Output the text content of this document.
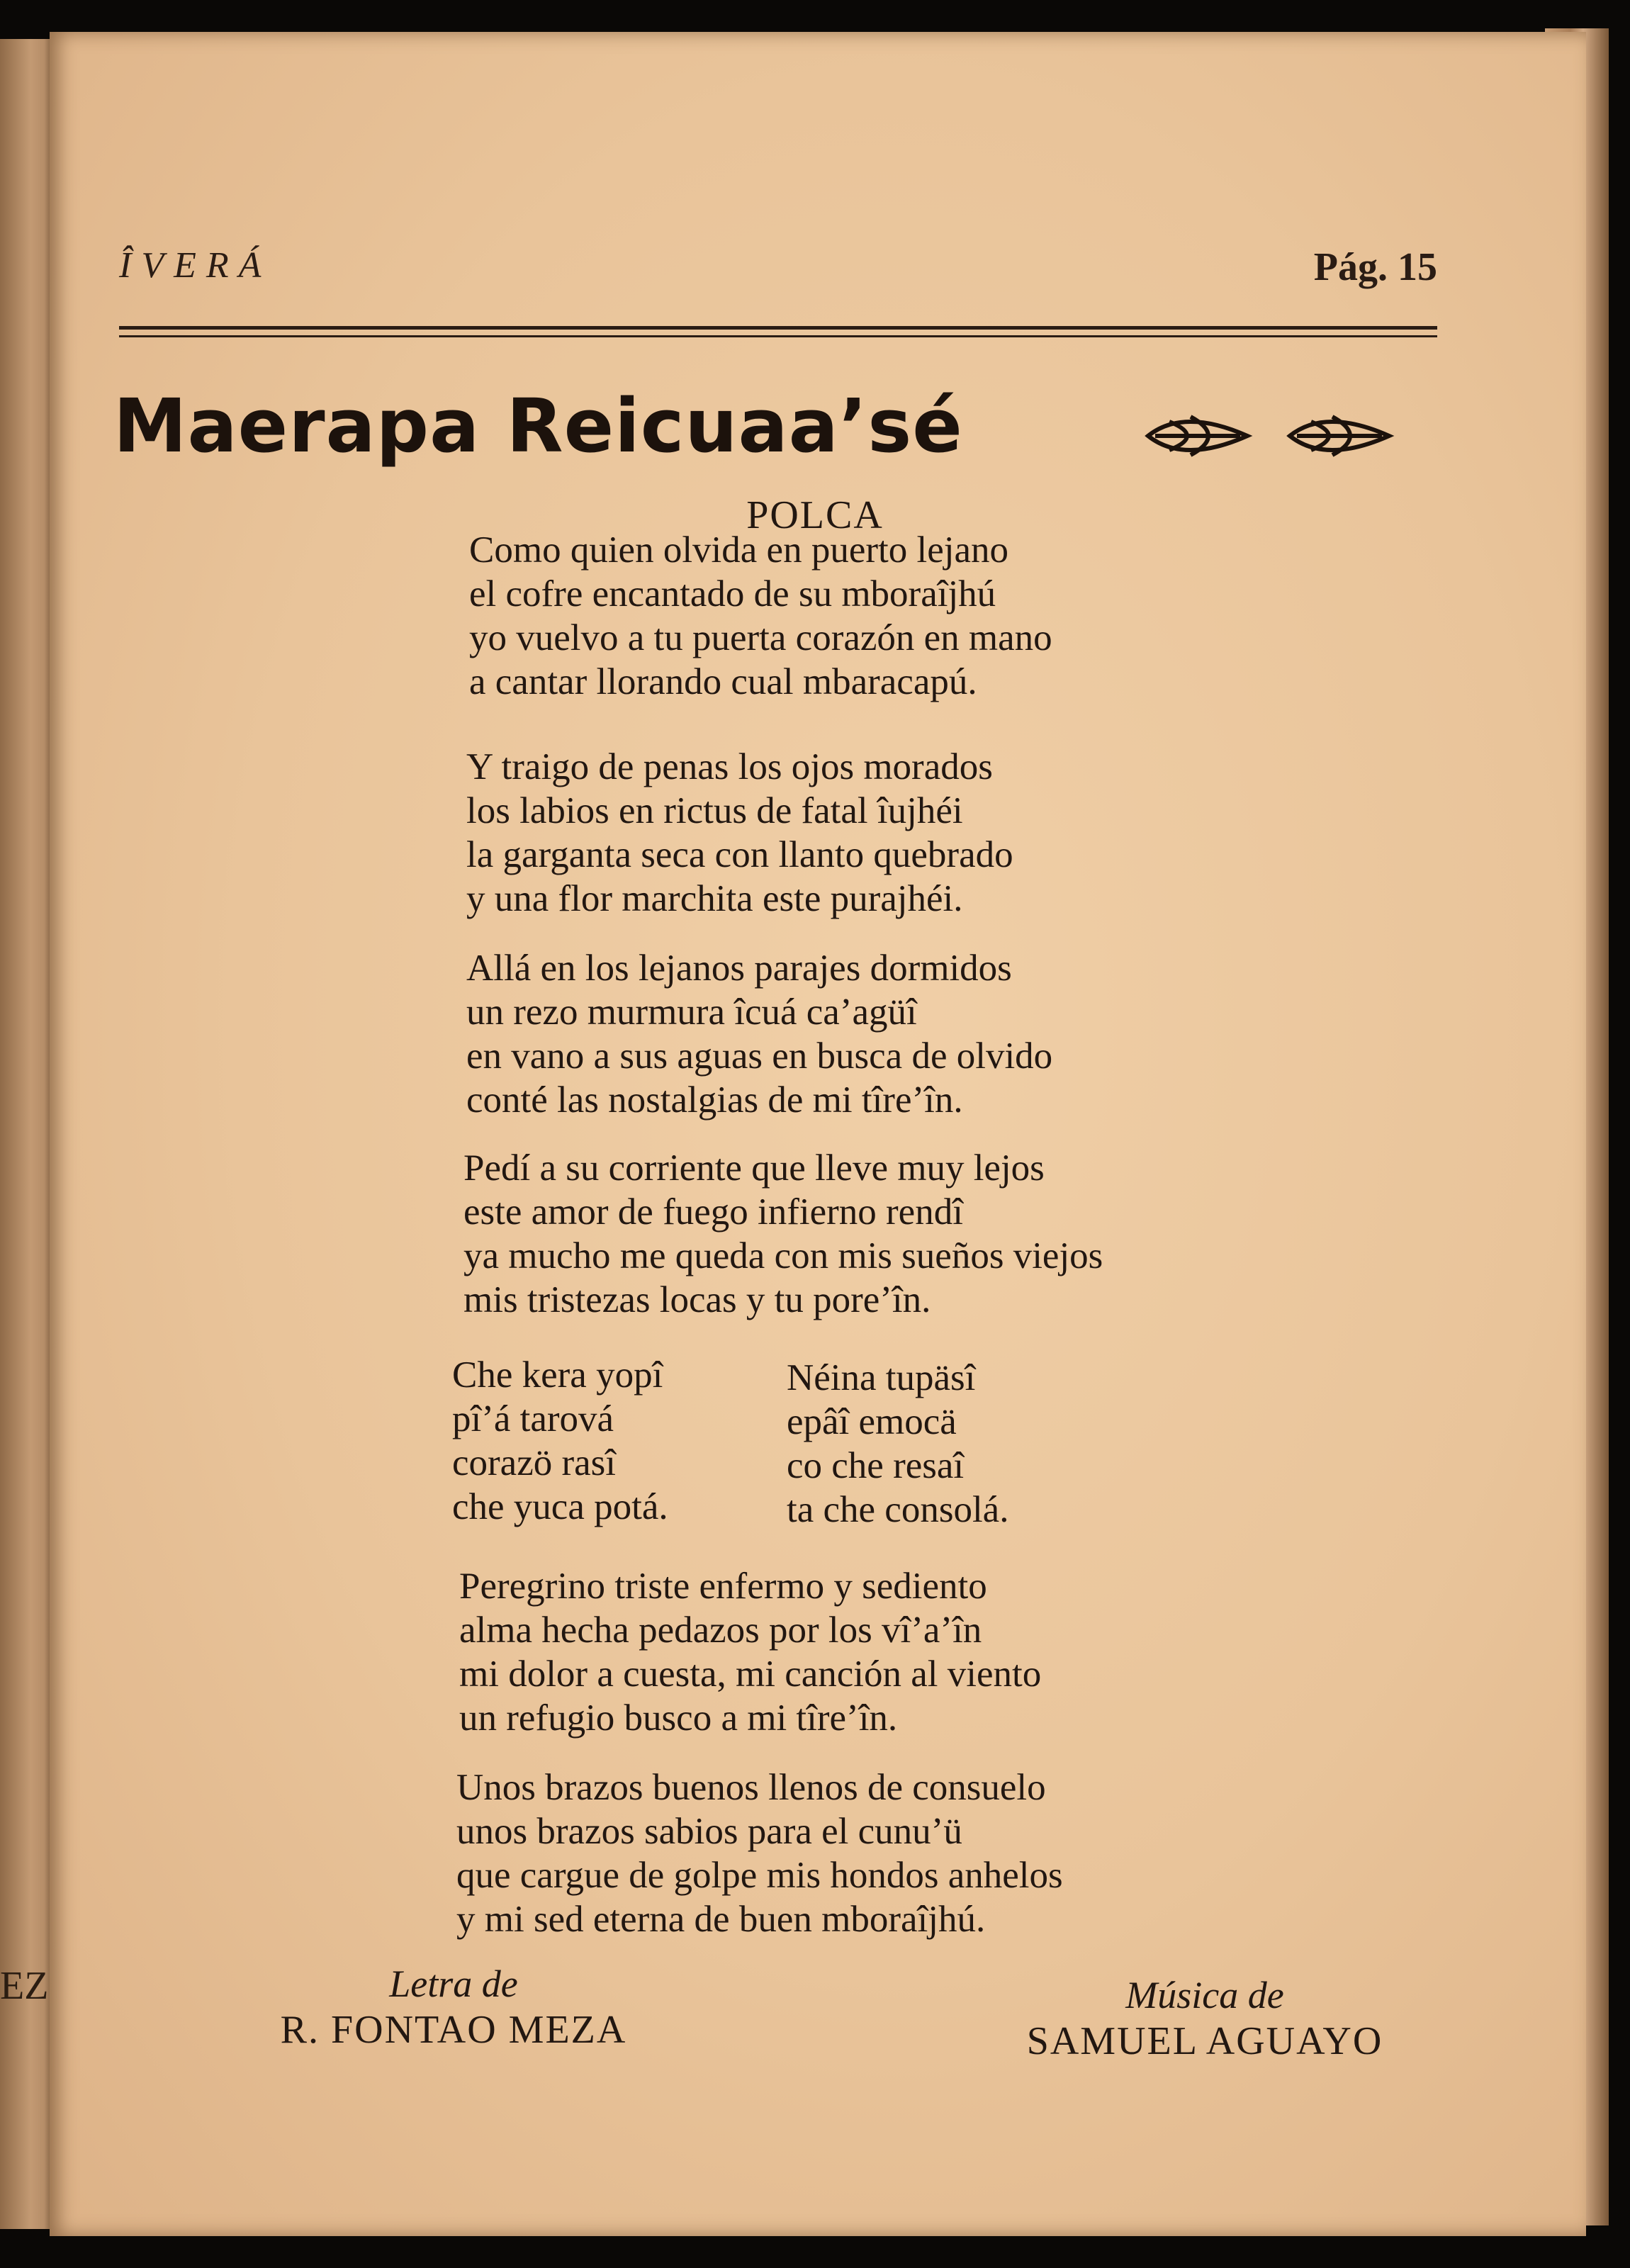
EZ
ÎVERÁ	Pág. 15
Maerapa Reicuaa’sé
POLCA
Como quien olvida en puerto lejano
el cofre encantado de su mboraîjhú
yo vuelvo a tu puerta corazón en mano
a cantar llorando cual mbaracapú.
Y traigo de penas los ojos morados
los labios en rictus de fatal îujhéi
la garganta seca con llanto quebrado
y una flor marchita este purajhéi.
Allá en los lejanos parajes dormidos
un rezo murmura îcuá ca’agüî
en vano a sus aguas en busca de olvido
conté las nostalgias de mi tîre’în.
Pedí a su corriente que lleve muy lejos
este amor de fuego infierno rendî
ya mucho me queda con mis sueños viejos
mis tristezas locas y tu pore’în.
Che kera yopî
pî’á tarová
corazö rasî
che yuca potá.
Néina tupäsî
epâî emocä
co che resaî
ta che consolá.
Peregrino triste enfermo y sediento
alma hecha pedazos por los vî’a’în
mi dolor a cuesta, mi canción al viento
un refugio busco a mi tîre’în.
Unos brazos buenos llenos de consuelo
unos brazos sabios para el cunu’ü
que cargue de golpe mis hondos anhelos
y mi sed eterna de buen mboraîjhú.
Letra de
R. FONTAO MEZA
Música de
SAMUEL AGUAYO
